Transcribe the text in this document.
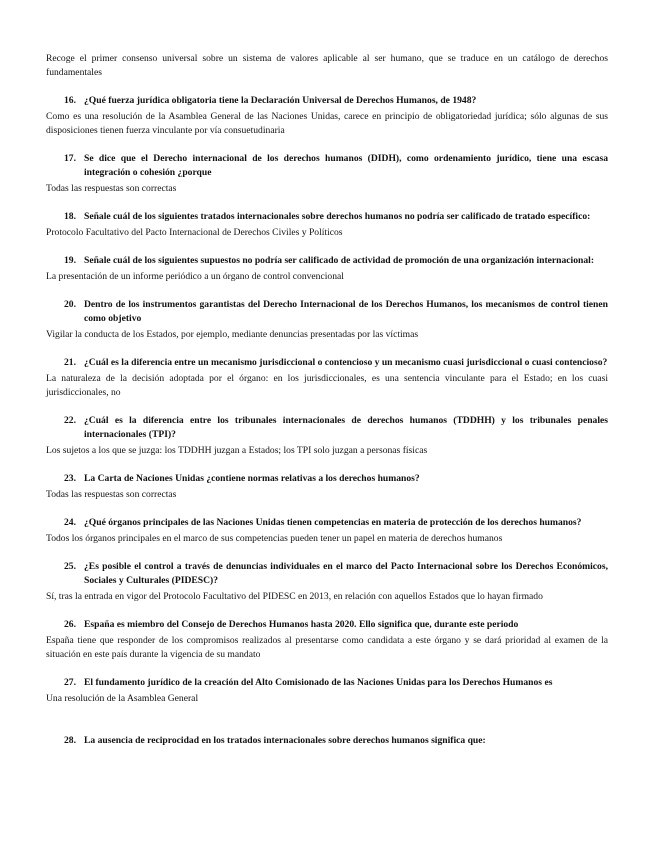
Recoge el primer consenso universal sobre un sistema de valores aplicable al ser humano, que se traduce en un catálogo de derechos fundamentales

16. ¿Qué fuerza jurídica obligatoria tiene la Declaración Universal de Derechos Humanos, de 1948?

Como es una resolución de la Asamblea General de las Naciones Unidas, carece en principio de obligatoriedad jurídica; sólo algunas de sus disposiciones tienen fuerza vinculante por vía consuetudinaria

17. Se dice que el Derecho internacional de los derechos humanos (DIDH), como ordenamiento jurídico, tiene una escasa integración o cohesión ¿porque

Todas las respuestas son correctas

18. Señale cuál de los siguientes tratados internacionales sobre derechos humanos no podría ser calificado de tratado específico:

Protocolo Facultativo del Pacto Internacional de Derechos Civiles y Políticos

19. Señale cuál de los siguientes supuestos no podría ser calificado de actividad de promoción de una organización internacional:

La presentación de un informe periódico a un órgano de control convencional

20. Dentro de los instrumentos garantistas del Derecho Internacional de los Derechos Humanos, los mecanismos de control tienen como objetivo

Vigilar la conducta de los Estados, por ejemplo, mediante denuncias presentadas por las víctimas

21. ¿Cuál es la diferencia entre un mecanismo jurisdiccional o contencioso y un mecanismo cuasi jurisdiccional o cuasi contencioso?

La naturaleza de la decisión adoptada por el órgano: en los jurisdiccionales, es una sentencia vinculante para el Estado; en los cuasi jurisdiccionales, no

22. ¿Cuál es la diferencia entre los tribunales internacionales de derechos humanos (TDDHH) y los tribunales penales internacionales (TPI)?

Los sujetos a los que se juzga: los TDDHH juzgan a Estados; los TPI solo juzgan a personas físicas

23. La Carta de Naciones Unidas ¿contiene normas relativas a los derechos humanos?

Todas las respuestas son correctas

24. ¿Qué órganos principales de las Naciones Unidas tienen competencias en materia de protección de los derechos humanos?

Todos los órganos principales en el marco de sus competencias pueden tener un papel en materia de derechos humanos

25. ¿Es posible el control a través de denuncias individuales en el marco del Pacto Internacional sobre los Derechos Económicos, Sociales y Culturales (PIDESC)?

Sí, tras la entrada en vigor del Protocolo Facultativo del PIDESC en 2013, en relación con aquellos Estados que lo hayan firmado

26. España es miembro del Consejo de Derechos Humanos hasta 2020. Ello significa que, durante este periodo

España tiene que responder de los compromisos realizados al presentarse como candidata a este órgano y se dará prioridad al examen de la situación en este país durante la vigencia de su mandato

27. El fundamento jurídico de la creación del Alto Comisionado de las Naciones Unidas para los Derechos Humanos es

Una resolución de la Asamblea General

28. La ausencia de reciprocidad en los tratados internacionales sobre derechos humanos significa que:
